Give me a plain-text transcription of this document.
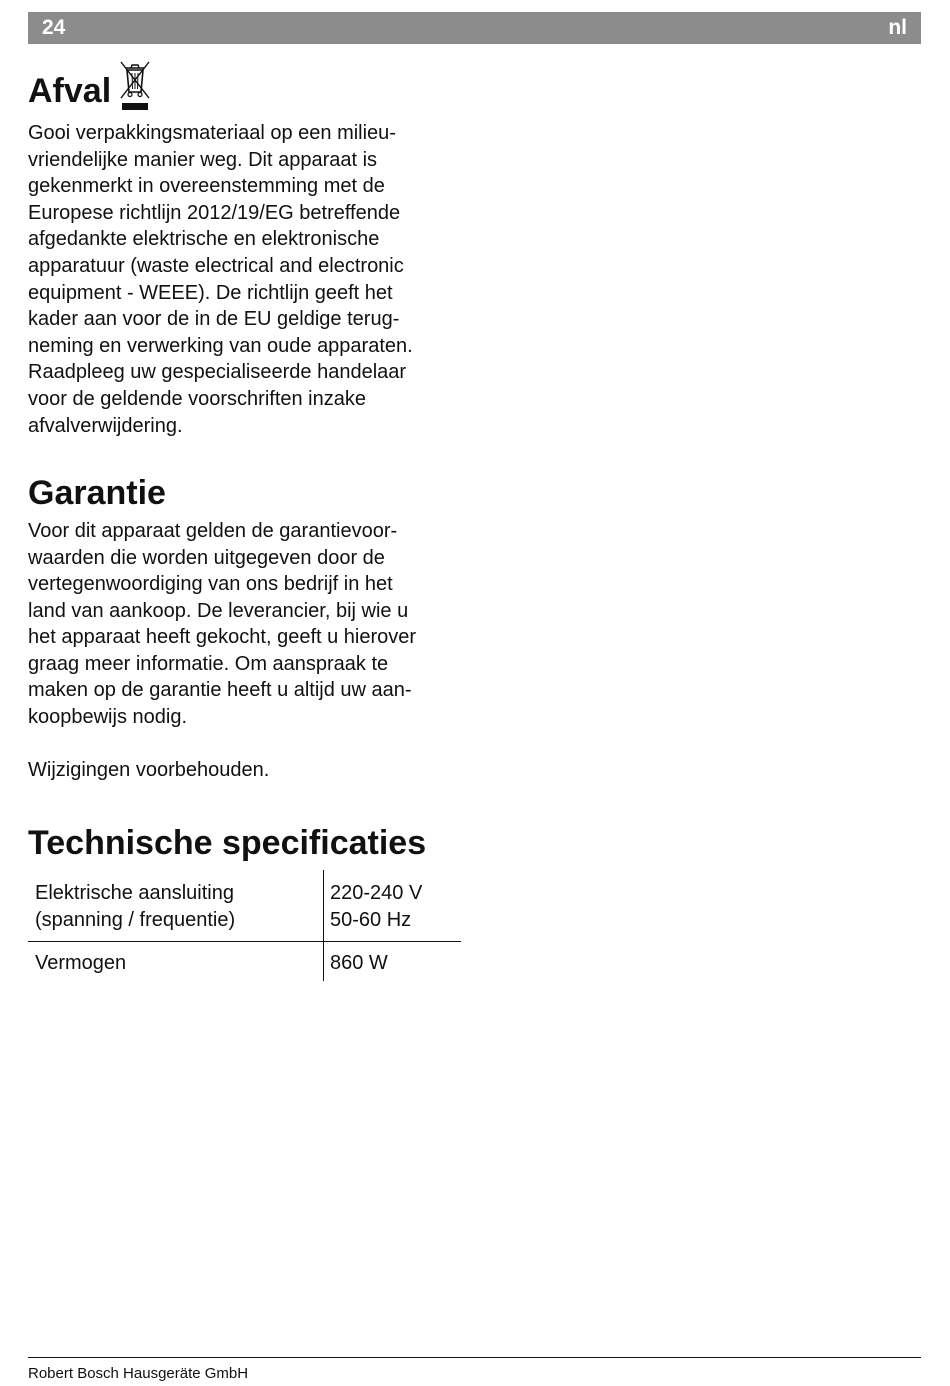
24	nl
Afval

Gooi verpakkingsmateriaal op een milieu-
vriendelijke manier weg. Dit apparaat is
gekenmerkt in overeenstemming met de
Europese richtlijn 2012/19/EG betreffende
afgedankte elektrische en elektronische
apparatuur (waste electrical and electronic
equipment - WEEE). De richtlijn geeft het
kader aan voor de in de EU geldige terug-
neming en verwerking van oude apparaten.
Raadpleeg uw gespecialiseerde handelaar
voor de geldende voorschriften inzake
afvalverwijdering.

Garantie

Voor dit apparaat gelden de garantievoor-
waarden die worden uitgegeven door de
vertegenwoordiging van ons bedrijf in het
land van aankoop. De leverancier, bij wie u
het apparaat heeft gekocht, geeft u hierover
graag meer informatie. Om aanspraak te
maken op de garantie heeft u altijd uw aan-
koopbewijs nodig.

Wijzigingen voorbehouden.

Technische specificaties
Elektrische aansluiting
(spanning / frequentie)	220-240 V
50-60 Hz

Vermogen	860 W
Robert Bosch Hausgeräte GmbH
